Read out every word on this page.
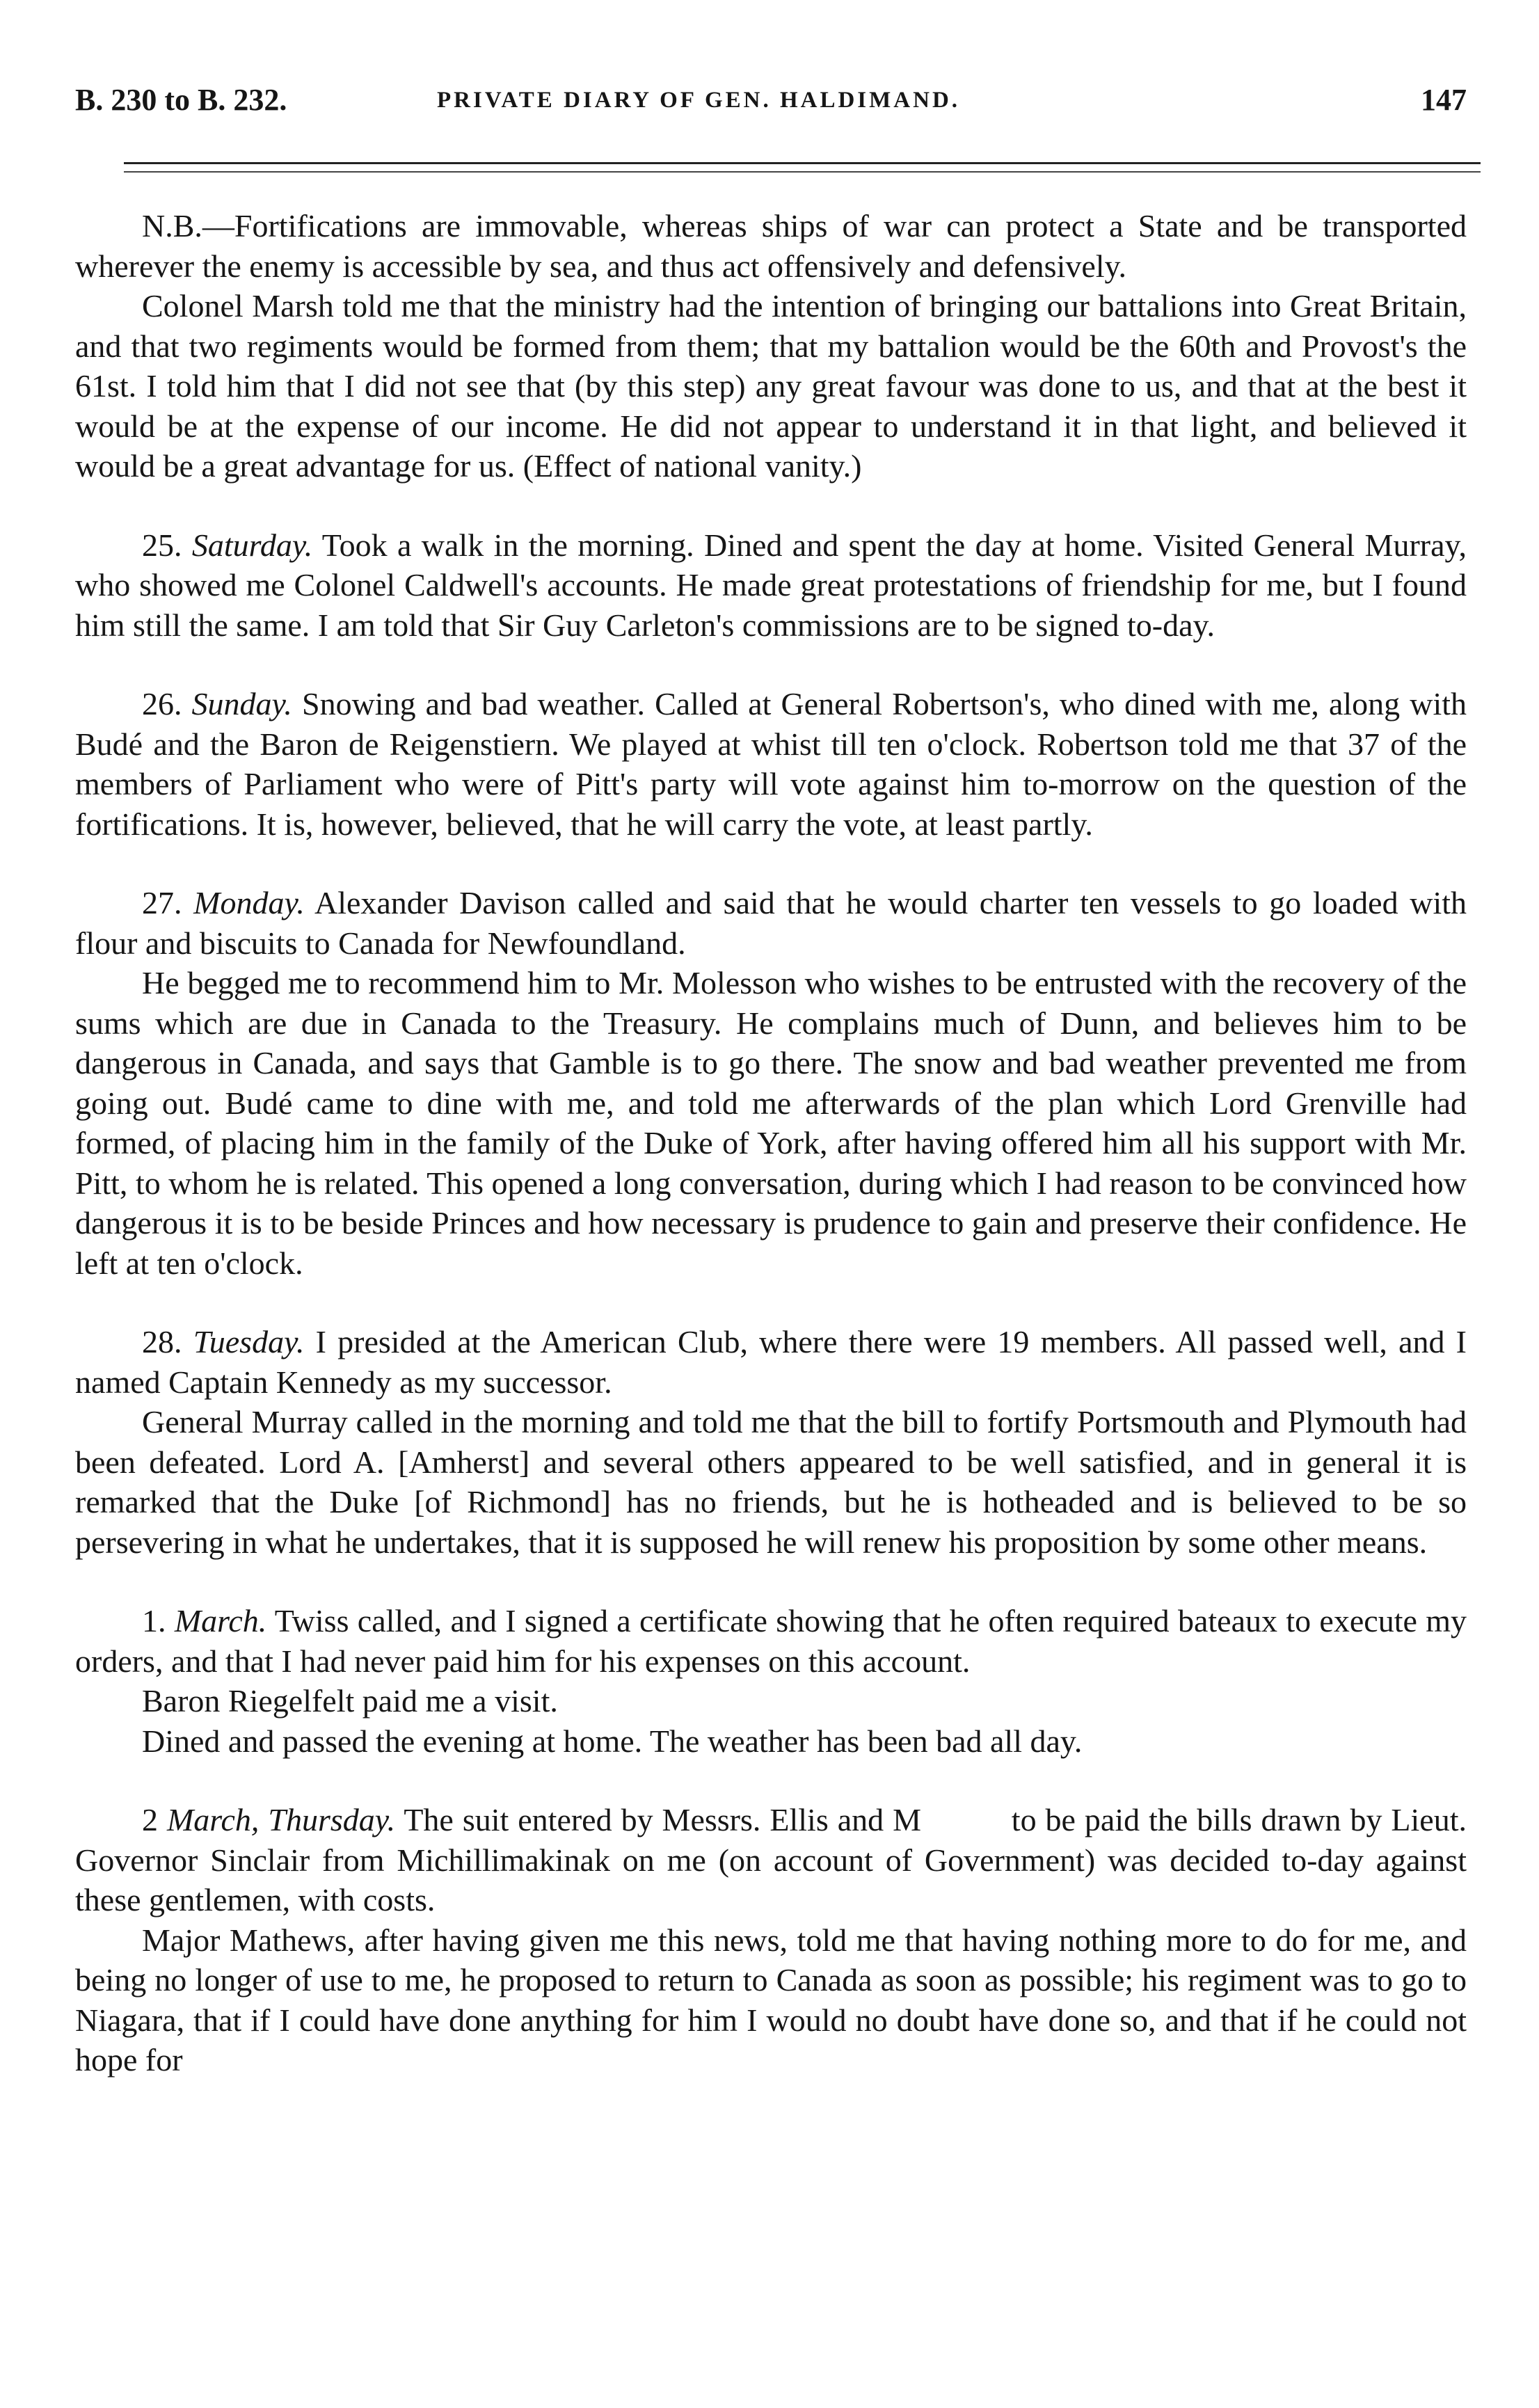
B. 230 to B. 232.	PRIVATE DIARY OF GEN. HALDIMAND.	147

N.B.—Fortifications are immovable, whereas ships of war can protect a State and be transported wherever the enemy is accessible by sea, and thus act offensively and defensively.

Colonel Marsh told me that the ministry had the intention of bringing our battalions into Great Britain, and that two regiments would be formed from them; that my battalion would be the 60th and Provost's the 61st. I told him that I did not see that (by this step) any great favour was done to us, and that at the best it would be at the expense of our income. He did not appear to understand it in that light, and believed it would be a great advantage for us. (Effect of national vanity.)

25. Saturday. Took a walk in the morning. Dined and spent the day at home. Visited General Murray, who showed me Colonel Caldwell's accounts. He made great protestations of friendship for me, but I found him still the same. I am told that Sir Guy Carleton's commissions are to be signed to-day.

26. Sunday. Snowing and bad weather. Called at General Robertson's, who dined with me, along with Budé and the Baron de Reigenstiern. We played at whist till ten o'clock. Robertson told me that 37 of the members of Parliament who were of Pitt's party will vote against him to-morrow on the question of the fortifications. It is, however, believed, that he will carry the vote, at least partly.

27. Monday. Alexander Davison called and said that he would charter ten vessels to go loaded with flour and biscuits to Canada for Newfoundland.

He begged me to recommend him to Mr. Molesson who wishes to be entrusted with the recovery of the sums which are due in Canada to the Treasury. He complains much of Dunn, and believes him to be dangerous in Canada, and says that Gamble is to go there. The snow and bad weather prevented me from going out. Budé came to dine with me, and told me afterwards of the plan which Lord Grenville had formed, of placing him in the family of the Duke of York, after having offered him all his support with Mr. Pitt, to whom he is related. This opened a long conversation, during which I had reason to be convinced how dangerous it is to be beside Princes and how necessary is prudence to gain and preserve their confidence. He left at ten o'clock.

28. Tuesday. I presided at the American Club, where there were 19 members. All passed well, and I named Captain Kennedy as my successor.

General Murray called in the morning and told me that the bill to fortify Portsmouth and Plymouth had been defeated. Lord A. [Amherst] and several others appeared to be well satisfied, and in general it is remarked that the Duke [of Richmond] has no friends, but he is hotheaded and is believed to be so persevering in what he undertakes, that it is supposed he will renew his proposition by some other means.

1. March. Twiss called, and I signed a certificate showing that he often required bateaux to execute my orders, and that I had never paid him for his expenses on this account.

Baron Riegelfelt paid me a visit.

Dined and passed the evening at home. The weather has been bad all day.

2 March, Thursday. The suit entered by Messrs. Ellis and M          to be paid the bills drawn by Lieut. Governor Sinclair from Michillimakinak on me (on account of Government) was decided to-day against these gentlemen, with costs.

Major Mathews, after having given me this news, told me that having nothing more to do for me, and being no longer of use to me, he proposed to return to Canada as soon as possible; his regiment was to go to Niagara, that if I could have done anything for him I would no doubt have done so, and that if he could not hope for
